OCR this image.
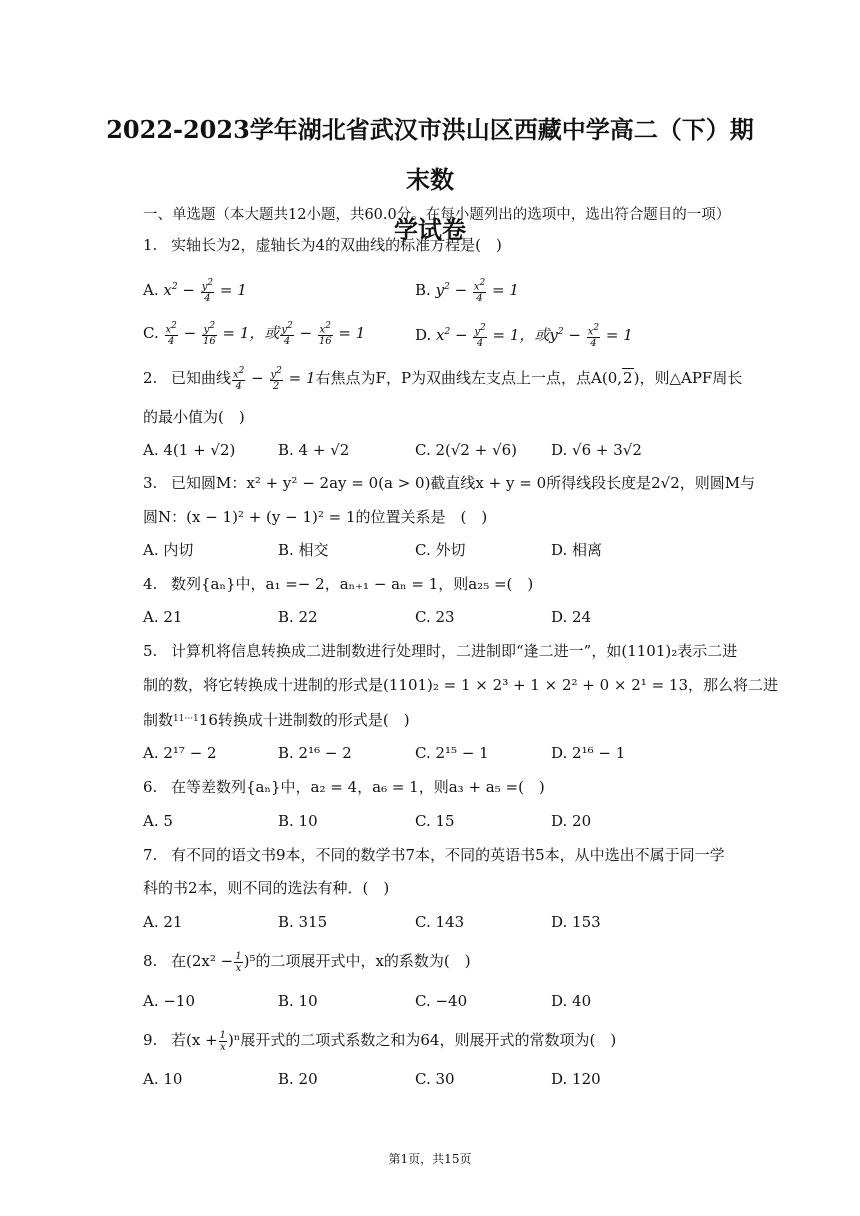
2022-2023学年湖北省武汉市洪山区西藏中学高二（下）期末数
学试卷
一、单选题（本大题共12小题，共60.0分。在每小题列出的选项中，选出符合题目的一项）
1. 实轴长为2，虚轴长为4的双曲线的标准方程是(　)
A. $x^2 - \frac{y^2}{4} = 1$	B. $y^2 - \frac{x^2}{4} = 1$
C. $\frac{x^2}{4} - \frac{y^2}{16} = 1$，或 $\frac{y^2}{4} - \frac{x^2}{16} = 1$	D. $x^2 - \frac{y^2}{4} = 1$，或$y^2 - \frac{x^2}{4} = 1$
2. 已知曲线 $\frac{x^2}{4} - \frac{y^2}{2} = 1$右焦点为F，P为双曲线左支点上一点，点A(0,2)，则△APF周长
的最小值为(　)
A. 4(1 + √2)	B. 4 + √2	C. 2(√2 + √6) D. √6 + 3√2
3. 已知圆M：x² + y² − 2ay = 0(a > 0)截直线x + y = 0所得线段长度是2√2，则圆M与
圆N：(x − 1)² + (y − 1)² = 1的位置关系是　(　)
A. 内切	B. 相交	C. 外切	D. 相离
4. 数列{aₙ}中，a₁ =− 2，aₙ₊₁ − aₙ = 1，则a₂₅ =(　)
A. 21	B. 22	C. 23	D. 24
5. 计算机将信息转换成二进制数进行处理时，二进制即“逢二进一”，如(1101)₂表示二进
制的数，将它转换成十进制的形式是(1101)₂ = 1 × 2³ + 1 × 2² + 0 × 2¹ = 13，那么将二进
制数$^{11\cdot\cdot\cdot 1}$16转换成十进制数的形式是(　)
A. 2¹⁷ − 2	B. 2¹⁶ − 2	C. 2¹⁵ − 1	D. 2¹⁶ − 1
6. 在等差数列{aₙ}中，a₂ = 4，a₆ = 1，则a₃ + a₅ =(　)
A. 5	B. 10	C. 15	D. 20
7. 有不同的语文书9本，不同的数学书7本，不同的英语书5本，从中选出不属于同一学
科的书2本，则不同的选法有种．(　)
A. 21	B. 315	C. 143	D. 153
8. 在$(2x^2 - \frac{1}{x} )^5$的二项展开式中，x的系数为(　)
A. −10	B. 10	C. −40	D. 40
9. 若$(x + \frac{1}{x} )^n$展开式的二项式系数之和为64，则展开式的常数项为(　)
A. 10	B. 20	C. 30	D. 120
第1页，共15页
